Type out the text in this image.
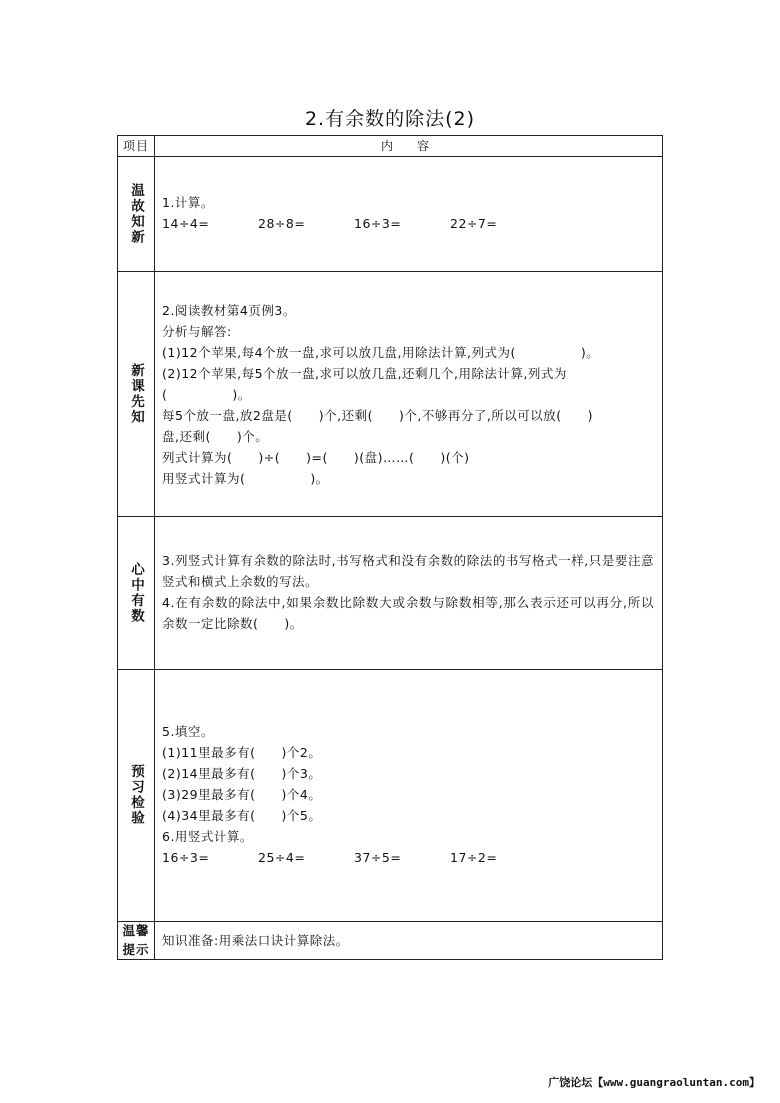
2.有余数的除法(2)
项目	内　容
温故知新 1.计算。
14÷4=	28÷8=	16÷3=	22÷7=
新课先知
2.阅读教材第4页例3。
分析与解答:
(1)12个苹果,每4个放一盘,求可以放几盘,用除法计算,列式为(　　　　　)。
(2)12个苹果,每5个放一盘,求可以放几盘,还剩几个,用除法计算,列式为
(　　　　　)。
每5个放一盘,放2盘是(　　)个,还剩(　　)个,不够再分了,所以可以放(　　)
盘,还剩(　　)个。
列式计算为(　　)÷(　　)=(　　)(盘)……(　　)(个)
用竖式计算为(　　　　　)。
心中有数
3.列竖式计算有余数的除法时,书写格式和没有余数的除法的书写格式一样,只是要注意竖式和横式上余数的写法。
4.在有余数的除法中,如果余数比除数大或余数与除数相等,那么表示还可以再分,所以余数一定比除数(　　)。
预习检验
5.填空。
(1)11里最多有(　　)个2。
(2)14里最多有(　　)个3。
(3)29里最多有(　　)个4。
(4)34里最多有(　　)个5。
6.用竖式计算。
16÷3=	25÷4=	37÷5=	17÷2=
温馨提示
知识准备:用乘法口诀计算除法。
广饶论坛【www.guangraoluntan.com】
